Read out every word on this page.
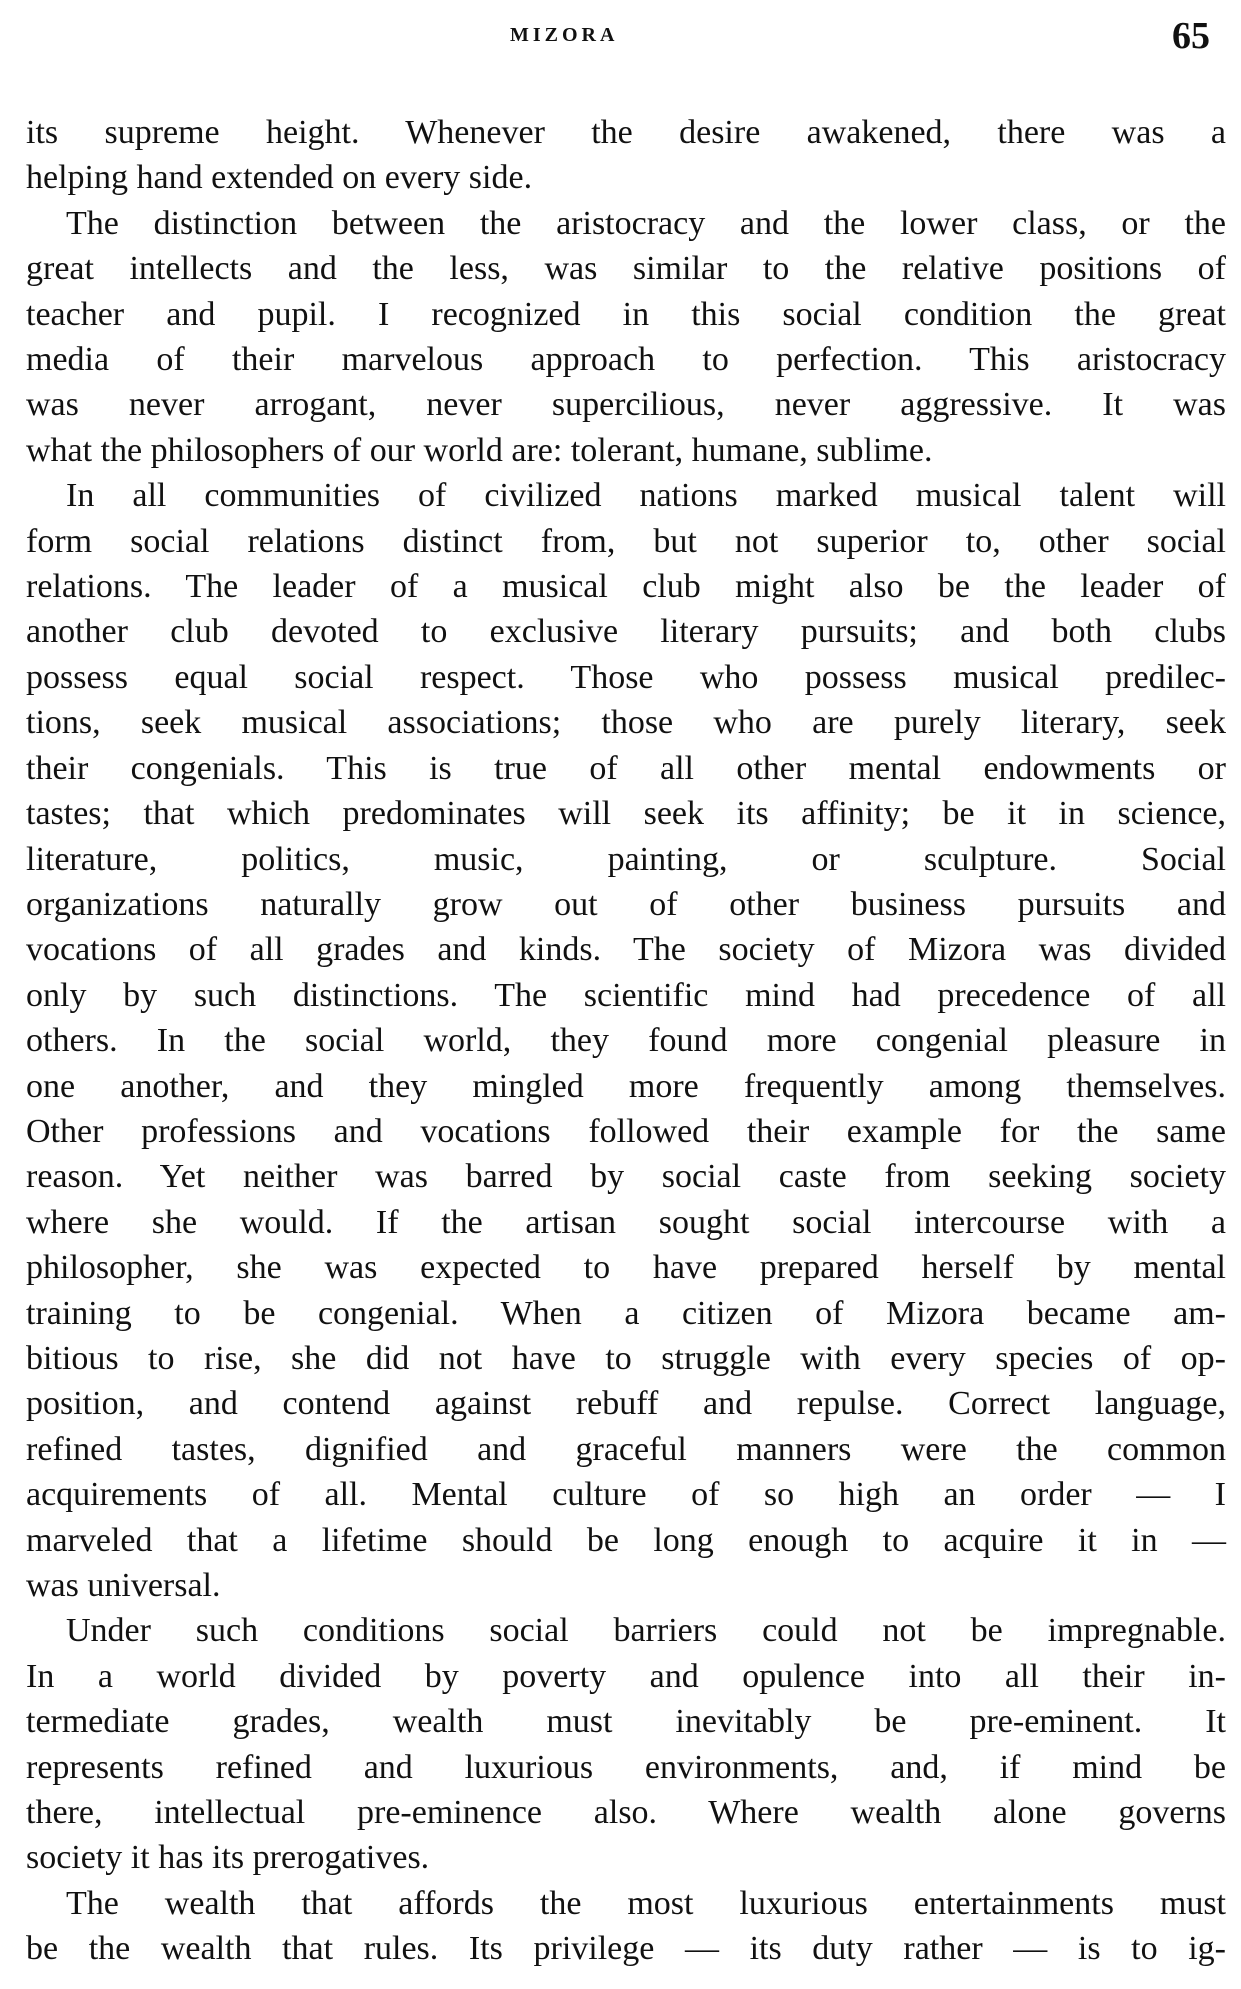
MIZORA	65
its supreme height. Whenever the desire awakened, there was a
helping hand extended on every side.
The distinction between the aristocracy and the lower class, or the
great intellects and the less, was similar to the relative positions of
teacher and pupil. I recognized in this social condition the great
media of their marvelous approach to perfection. This aristocracy
was never arrogant, never supercilious, never aggressive. It was
what the philosophers of our world are: tolerant, humane, sublime.
In all communities of civilized nations marked musical talent will
form social relations distinct from, but not superior to, other social
relations. The leader of a musical club might also be the leader of
another club devoted to exclusive literary pursuits; and both clubs
possess equal social respect. Those who possess musical predilec-
tions, seek musical associations; those who are purely literary, seek
their congenials. This is true of all other mental endowments or
tastes; that which predominates will seek its affinity; be it in science,
literature, politics, music, painting, or sculpture. Social
organizations naturally grow out of other business pursuits and
vocations of all grades and kinds. The society of Mizora was divided
only by such distinctions. The scientific mind had precedence of all
others. In the social world, they found more congenial pleasure in
one another, and they mingled more frequently among themselves.
Other professions and vocations followed their example for the same
reason. Yet neither was barred by social caste from seeking society
where she would. If the artisan sought social intercourse with a
philosopher, she was expected to have prepared herself by mental
training to be congenial. When a citizen of Mizora became am-
bitious to rise, she did not have to struggle with every species of op-
position, and contend against rebuff and repulse. Correct language,
refined tastes, dignified and graceful manners were the common
acquirements of all. Mental culture of so high an order — I
marveled that a lifetime should be long enough to acquire it in —
was universal.
Under such conditions social barriers could not be impregnable.
In a world divided by poverty and opulence into all their in-
termediate grades, wealth must inevitably be pre-eminent. It
represents refined and luxurious environments, and, if mind be
there, intellectual pre-eminence also. Where wealth alone governs
society it has its prerogatives.
The wealth that affords the most luxurious entertainments must
be the wealth that rules. Its privilege — its duty rather — is to ig-
